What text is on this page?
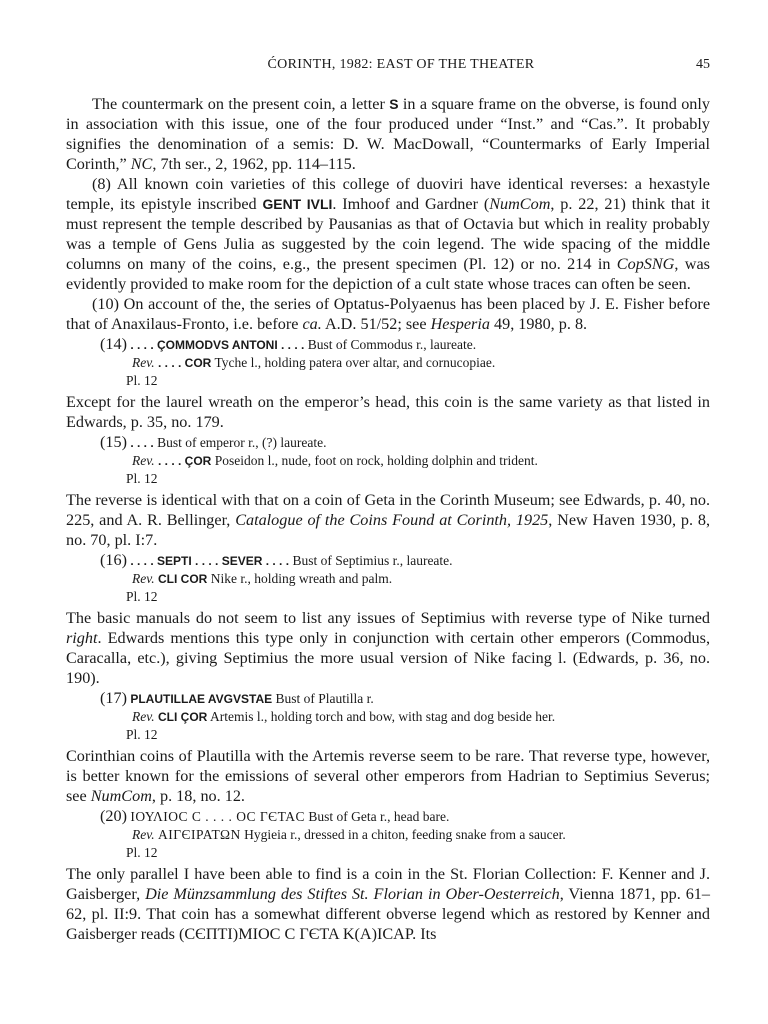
ĆORINTH, 1982: EAST OF THE THEATER	45

The countermark on the present coin, a letter S in a square frame on the obverse, is found only in association with this issue, one of the four produced under “Inst.” and “Cas.”. It probably signifies the denomination of a semis: D. W. MacDowall, “Countermarks of Early Imperial Corinth,” NC, 7th ser., 2, 1962, pp. 114–115.

(8) All known coin varieties of this college of duoviri have identical reverses: a hexastyle temple, its epistyle inscribed GENT IVLI. Imhoof and Gardner (NumCom, p. 22, 21) think that it must represent the temple described by Pausanias as that of Octavia but which in reality probably was a temple of Gens Julia as suggested by the coin legend. The wide spacing of the middle columns on many of the coins, e.g., the present specimen (Pl. 12) or no. 214 in CopSNG, was evidently provided to make room for the depiction of a cult state whose traces can often be seen.

(10) On account of the, the series of Optatus-Polyaenus has been placed by J. E. Fisher before that of Anaxilaus-Fronto, i.e. before ca. A.D. 51/52; see Hesperia 49, 1980, p. 8.

(14) . . . . ÇOMMODVS ANTONI . . . . Bust of Commodus r., laureate.
Rev. . . . . COR Tyche l., holding patera over altar, and cornucopiae.
Pl. 12

Except for the laurel wreath on the emperor’s head, this coin is the same variety as that listed in Edwards, p. 35, no. 179.

(15) . . . . Bust of emperor r., (?) laureate.
Rev. . . . . ÇOR Poseidon l., nude, foot on rock, holding dolphin and trident.
Pl. 12

The reverse is identical with that on a coin of Geta in the Corinth Museum; see Edwards, p. 40, no. 225, and A. R. Bellinger, Catalogue of the Coins Found at Corinth, 1925, New Haven 1930, p. 8, no. 70, pl. I:7.

(16) . . . . SEPTI . . . . SEVER . . . . Bust of Septimius r., laureate.
Rev. CLI COR Nike r., holding wreath and palm.
Pl. 12

The basic manuals do not seem to list any issues of Septimius with reverse type of Nike turned right. Edwards mentions this type only in conjunction with certain other emperors (Commodus, Caracalla, etc.), giving Septimius the more usual version of Nike facing l. (Edwards, p. 36, no. 190).

(17) PLAUTILLAE AVGVSTAE Bust of Plautilla r.
Rev. CLI ÇOR Artemis l., holding torch and bow, with stag and dog beside her.
Pl. 12

Corinthian coins of Plautilla with the Artemis reverse seem to be rare. That reverse type, however, is better known for the emissions of several other emperors from Hadrian to Septimius Severus; see NumCom, p. 18, no. 12.

(20) ΙΟΥΛΙΟC C . . . . OC ΓЄΤΑC Bust of Geta r., head bare.
Rev. ΑΙΓЄΙΡΑΤΩΝ Hygieia r., dressed in a chiton, feeding snake from a saucer.
Pl. 12

The only parallel I have been able to find is a coin in the St. Florian Collection: F. Kenner and J. Gaisberger, Die Münzsammlung des Stiftes St. Florian in Ober-Oesterreich, Vienna 1871, pp. 61–62, pl. II:9. That coin has a somewhat different obverse legend which as restored by Kenner and Gaisberger reads (CЄΠΤΙ)ΜΙΟC C ΓЄΤΑ Κ(Α)ΙCΑΡ. Its
